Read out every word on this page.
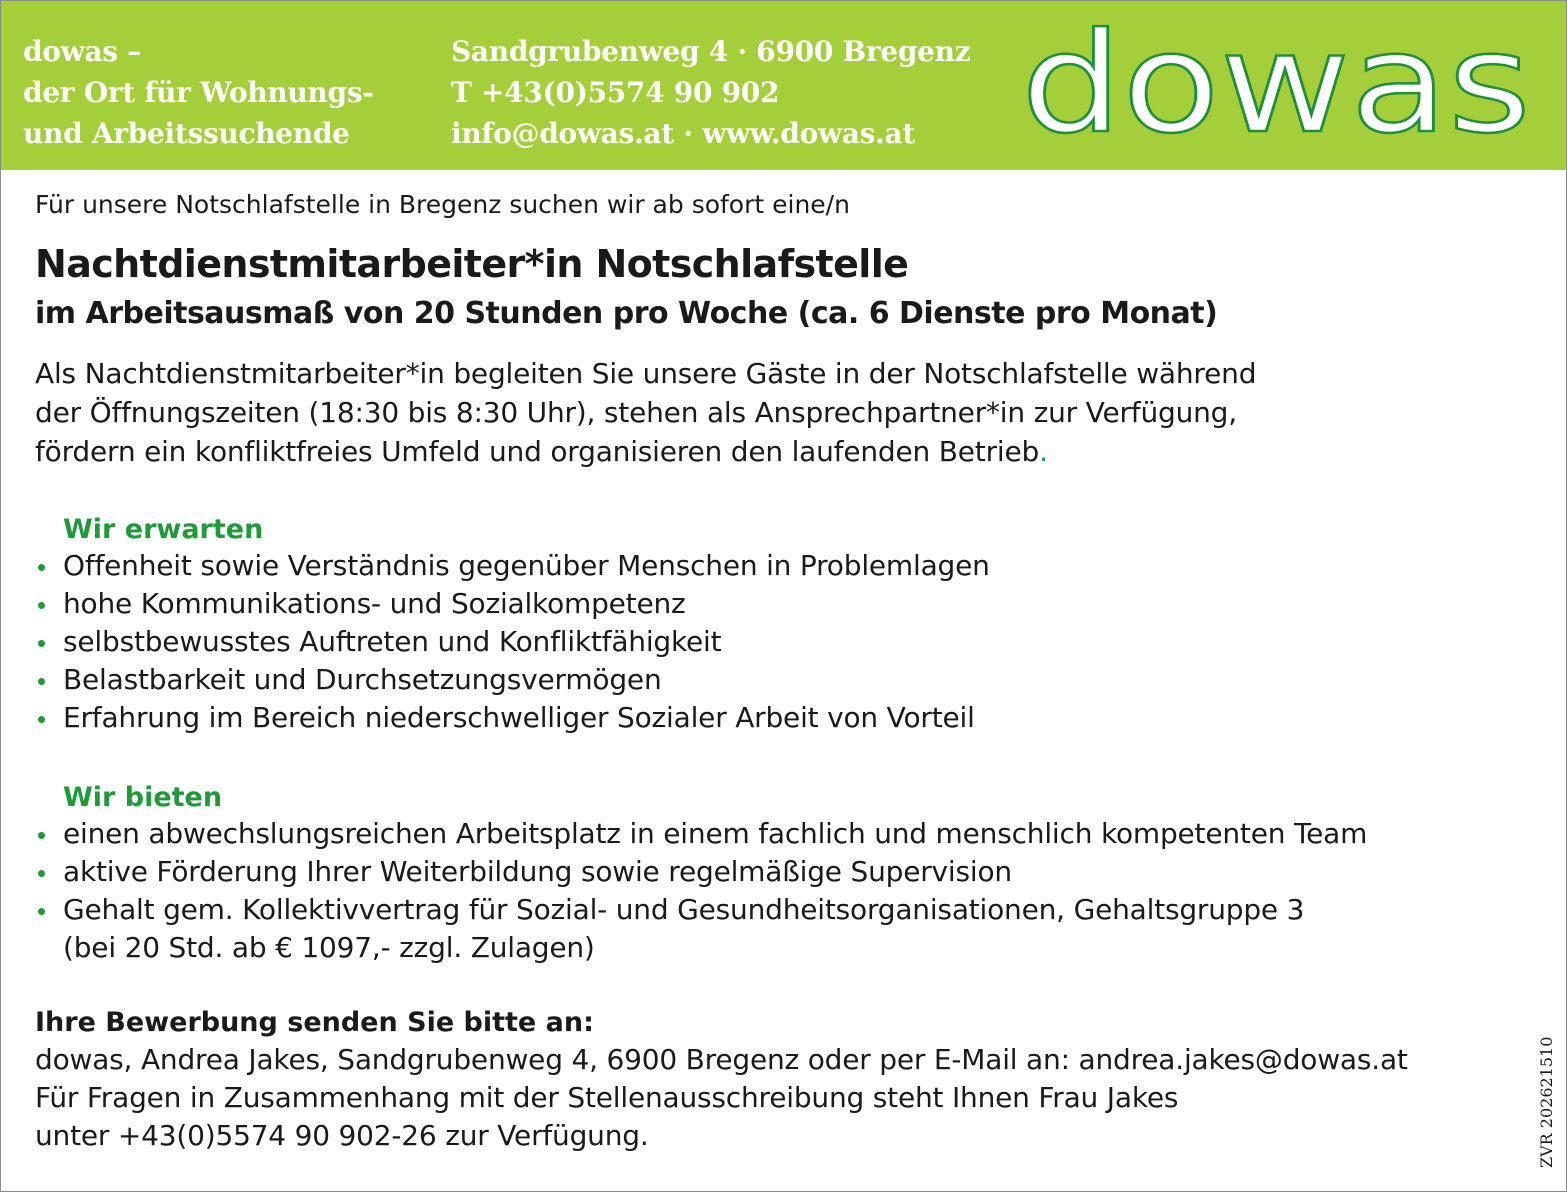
dowas –
der Ort für Wohnungs-
und Arbeitssuchende
Sandgrubenweg 4 · 6900 Bregenz
T +43(0)5574 90 902
info@dowas.at · www.dowas.at dowas
Für unsere Notschlafstelle in Bregenz suchen wir ab sofort eine/n
Nachtdienstmitarbeiter*in Notschlafstelle
im Arbeitsausmaß von 20 Stunden pro Woche (ca. 6 Dienste pro Monat)
Als Nachtdienstmitarbeiter*in begleiten Sie unsere Gäste in der Notschlafstelle während
der Öffnungszeiten (18:30 bis 8:30 Uhr), stehen als Ansprechpartner*in zur Verfügung,
fördern ein konfliktfreies Umfeld und organisieren den laufenden Betrieb.
Wir erwarten
Offenheit sowie Verständnis gegenüber Menschen in Problemlagen
hohe Kommunikations- und Sozialkompetenz
selbstbewusstes Auftreten und Konfliktfähigkeit
Belastbarkeit und Durchsetzungsvermögen
Erfahrung im Bereich niederschwelliger Sozialer Arbeit von Vorteil
Wir bieten
einen abwechslungsreichen Arbeitsplatz in einem fachlich und menschlich kompetenten Team
aktive Förderung Ihrer Weiterbildung sowie regelmäßige Supervision
Gehalt gem. Kollektivvertrag für Sozial- und Gesundheitsorganisationen, Gehaltsgruppe 3
(bei 20 Std. ab € 1097,- zzgl. Zulagen)
Ihre Bewerbung senden Sie bitte an:
dowas, Andrea Jakes, Sandgrubenweg 4, 6900 Bregenz oder per E-Mail an: andrea.jakes@dowas.at
Für Fragen in Zusammenhang mit der Stellenausschreibung steht Ihnen Frau Jakes
unter +43(0)5574 90 902-26 zur Verfügung.	ZVR 202621510
